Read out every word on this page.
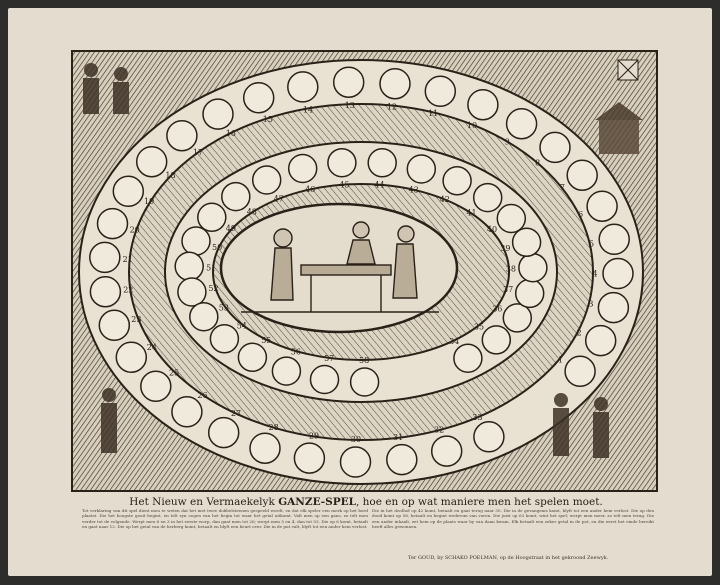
1
2
3
4
5
6
7
8
9
10
11
12
13
14
15
16
17
18
19
20
21
22
23
24
25
26
27
28
29	30	31
32
33
34
35
36
37
38
39
40
41
42
43
44
45
46
47
48
49
50
51
52
53
54
55
56
57	58
Het Nieuw en Vermaekelyk GANZE-SPEL, hoe en op wat maniere men het spelen moet.
Tot verklaring van dit spel dient men te weten dat het met twee dobbelsteenen gespeeld wordt, en dat elk speler een merk op het bord plaatst. Die het hoogste gooit begint, en telt zyn oogen van het begin tot waar het getal uitkomt. Valt men op een gans, zo telt men verder tot de volgende. Werpt men 6 en 3 in het eerste worp, dan gaat men tot 26; werpt men 5 en 4, dan tot 53. Die op 6 komt, betaalt en gaat naar 12. Die op het getal van de herberg komt, betaalt en blyft een beurt over. Die in de put valt, blyft tot een ander hem verlost.
Die in het doolhof op 42 komt, betaalt en gaat terug naar 30. Die in de gevangenis komt, blyft tot een ander hem verlost. Die op den dood komt op 58, betaalt en begint wederom van voren. Die juist op 63 komt, wint het spel; werpt men meer, zo telt men terug. Die een ander inhaalt, zet hem op de plaats waar hy van daan kwam. Elk betaalt een zeker getal in de pot, en die eerst het einde bereikt heeft alles gewonnen.
Ter GOUD, by SCHAKO POELMAN, op de Hoogstraat in het gekroond Zeewyk.
